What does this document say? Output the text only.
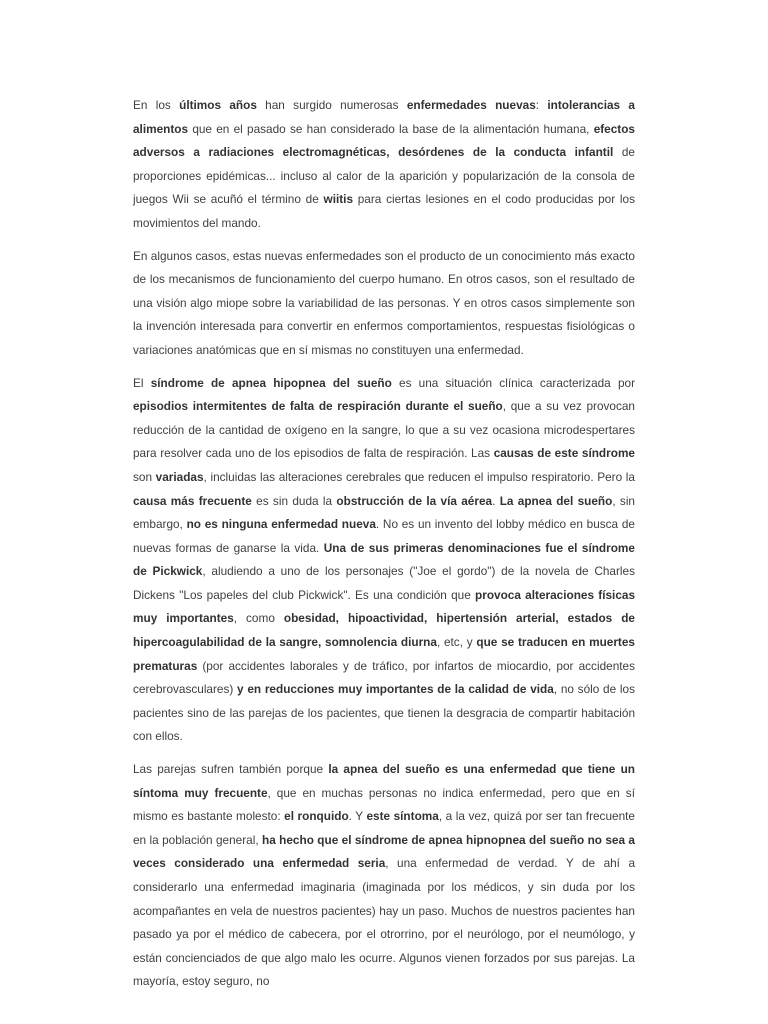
En los últimos años han surgido numerosas enfermedades nuevas: intolerancias a alimentos que en el pasado se han considerado la base de la alimentación humana, efectos adversos a radiaciones electromagnéticas, desórdenes de la conducta infantil de proporciones epidémicas... incluso al calor de la aparición y popularización de la consola de juegos Wii se acuñó el término de wiitis para ciertas lesiones en el codo producidas por los movimientos del mando.

En algunos casos, estas nuevas enfermedades son el producto de un conocimiento más exacto de los mecanismos de funcionamiento del cuerpo humano. En otros casos, son el resultado de una visión algo miope sobre la variabilidad de las personas. Y en otros casos simplemente son la invención interesada para convertir en enfermos comportamientos, respuestas fisiológicas o variaciones anatómicas que en sí mismas no constituyen una enfermedad.

El síndrome de apnea hipopnea del sueño es una situación clínica caracterizada por episodios intermitentes de falta de respiración durante el sueño, que a su vez provocan reducción de la cantidad de oxígeno en la sangre, lo que a su vez ocasiona microdespertares para resolver cada uno de los episodios de falta de respiración. Las causas de este síndrome son variadas, incluidas las alteraciones cerebrales que reducen el impulso respiratorio. Pero la causa más frecuente es sin duda la obstrucción de la vía aérea. La apnea del sueño, sin embargo, no es ninguna enfermedad nueva. No es un invento del lobby médico en busca de nuevas formas de ganarse la vida. Una de sus primeras denominaciones fue el síndrome de Pickwick, aludiendo a uno de los personajes ("Joe el gordo") de la novela de Charles Dickens "Los papeles del club Pickwick". Es una condición que provoca alteraciones físicas muy importantes, como obesidad, hipoactividad, hipertensión arterial, estados de hipercoagulabilidad de la sangre, somnolencia diurna, etc, y que se traducen en muertes prematuras (por accidentes laborales y de tráfico, por infartos de miocardio, por accidentes cerebrovasculares) y en reducciones muy importantes de la calidad de vida, no sólo de los pacientes sino de las parejas de los pacientes, que tienen la desgracia de compartir habitación con ellos.

Las parejas sufren también porque la apnea del sueño es una enfermedad que tiene un síntoma muy frecuente, que en muchas personas no indica enfermedad, pero que en sí mismo es bastante molesto: el ronquido. Y este síntoma, a la vez, quizá por ser tan frecuente en la población general, ha hecho que el síndrome de apnea hipnopnea del sueño no sea a veces considerado una enfermedad seria, una enfermedad de verdad. Y de ahí a considerarlo una enfermedad imaginaria (imaginada por los médicos, y sin duda por los acompañantes en vela de nuestros pacientes) hay un paso. Muchos de nuestros pacientes han pasado ya por el médico de cabecera, por el otrorrino, por el neurólogo, por el neumólogo, y están concienciados de que algo malo les ocurre. Algunos vienen forzados por sus parejas. La mayoría, estoy seguro, no
